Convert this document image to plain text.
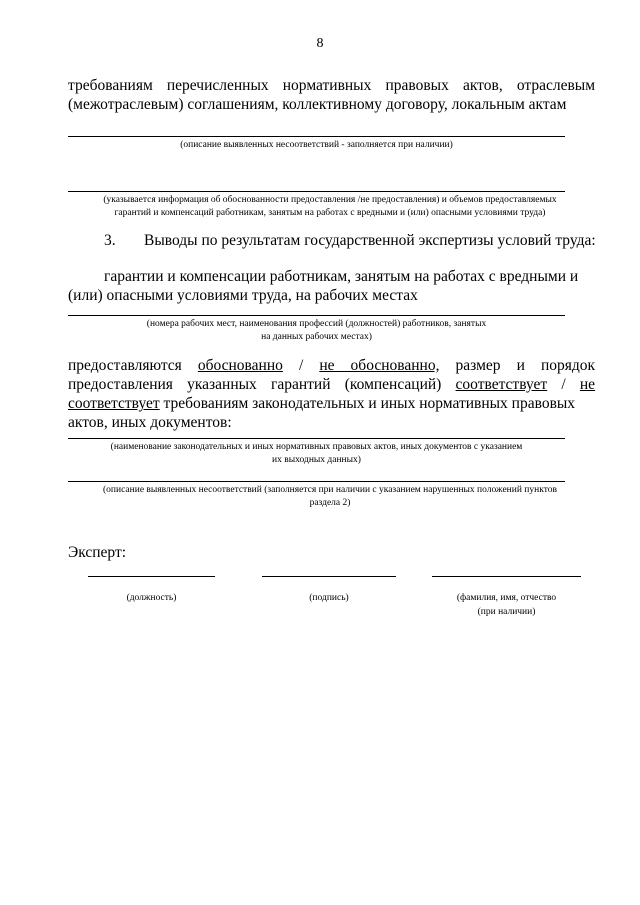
8
требованиям перечисленных нормативных правовых актов, отраслевым
(межотраслевым) соглашениям, коллективному договору, локальным актам
(описание выявленных несоответствий - заполняется при наличии)
(указывается информация об обоснованности предоставления /не предоставления) и объемов предоставляемых
гарантий и компенсаций работникам, занятым на работах с вредными и (или) опасными условиями труда)
3. Выводы по результатам государственной экспертизы условий труда:
гарантии и компенсации работникам, занятым на работах с вредными и
(или) опасными условиями труда, на рабочих местах
(номера рабочих мест, наименования профессий (должностей) работников, занятых
на данных рабочих местах)
предоставляются обоснованно / не обоснованно, размер и порядок
предоставления указанных гарантий (компенсаций) соответствует / не
соответствует требованиям законодательных и иных нормативных правовых
актов, иных документов:
(наименование законодательных и иных нормативных правовых актов, иных документов с указанием
их выходных данных)
(описание выявленных несоответствий (заполняется при наличии с указанием нарушенных положений пунктов
раздела 2)
Эксперт:
(должность)	(подпись)	(фамилия, имя, отчество
(при наличии)
